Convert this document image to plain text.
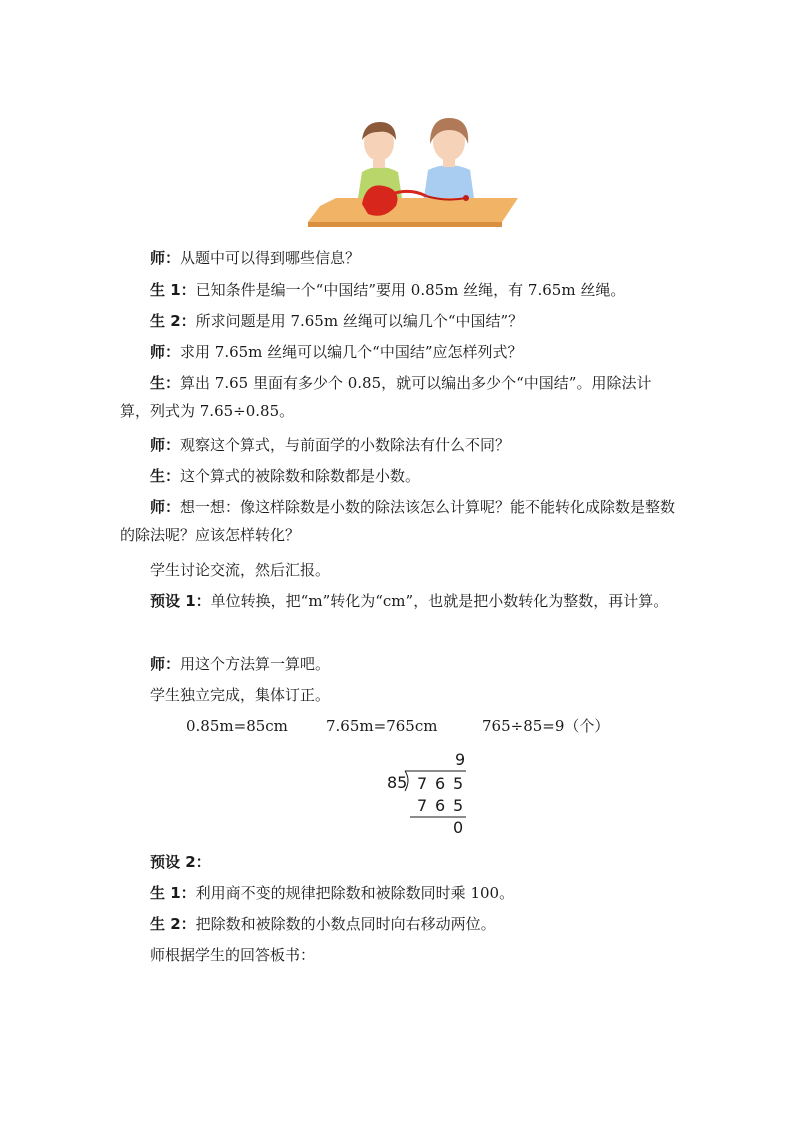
师：从题中可以得到哪些信息？

生 1：已知条件是编一个“中国结”要用 0.85m 丝绳，有 7.65m 丝绳。

生 2：所求问题是用 7.65m 丝绳可以编几个“中国结”？

师：求用 7.65m 丝绳可以编几个“中国结”应怎样列式？

生：算出 7.65 里面有多少个 0.85，就可以编出多少个“中国结”。用除法计算，列式为 7.65÷0.85。

师：观察这个算式，与前面学的小数除法有什么不同？

生：这个算式的被除数和除数都是小数。

师：想一想：像这样除数是小数的除法该怎么计算呢？能不能转化成除数是整数的除法呢？应该怎样转化？

学生讨论交流，然后汇报。

预设 1：单位转换，把“m”转化为“cm”，也就是把小数转化为整数，再计算。

师：用这个方法算一算吧。

学生独立完成，集体订正。

0.85m=85cm	7.65m=765cm	765÷85=9（个）
9
85 7 6 5
7 6 5
0

预设 2：

生 1：利用商不变的规律把除数和被除数同时乘 100。

生 2：把除数和被除数的小数点同时向右移动两位。

师根据学生的回答板书：
